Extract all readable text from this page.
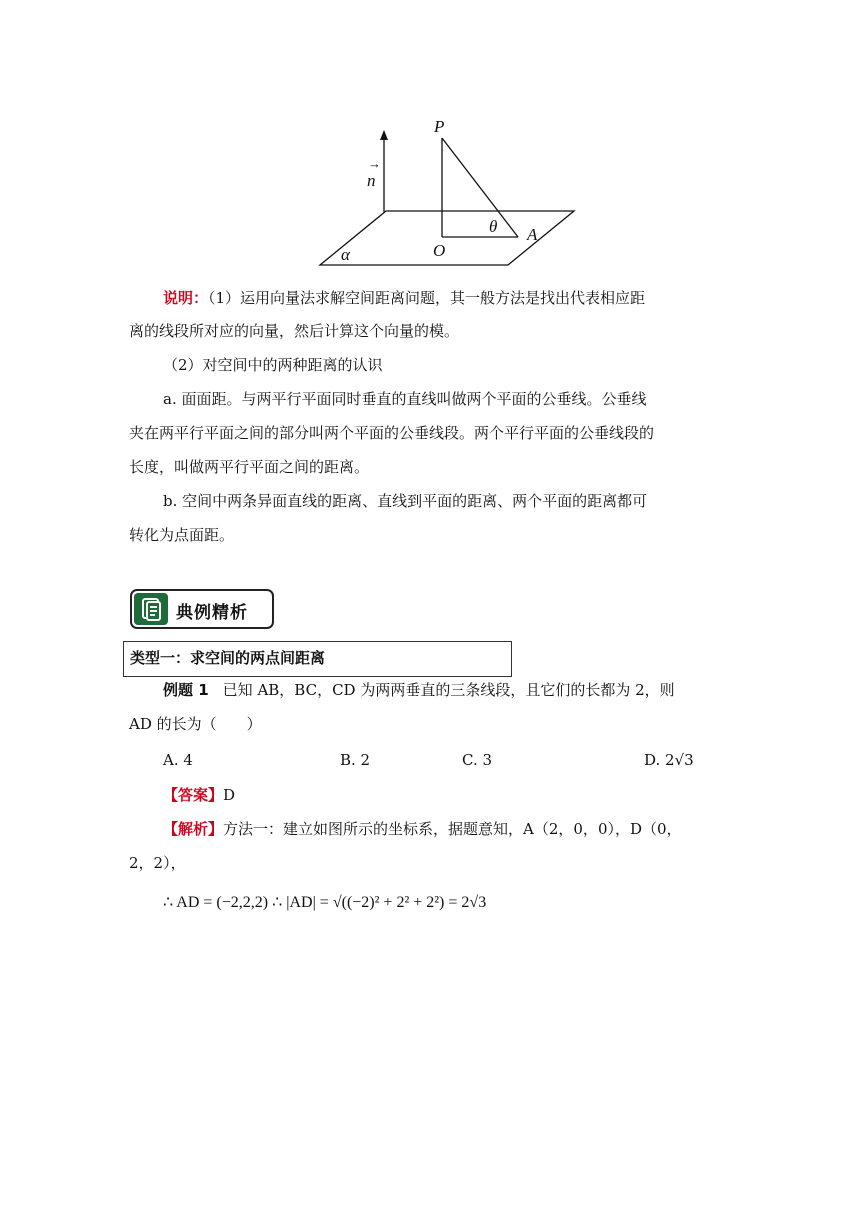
P
→
n
θ A
O
α
说明：（1）运用向量法求解空间距离问题，其一般方法是找出代表相应距
离的线段所对应的向量，然后计算这个向量的模。
（2）对空间中的两种距离的认识
a. 面面距。与两平行平面同时垂直的直线叫做两个平面的公垂线。公垂线
夹在两平行平面之间的部分叫两个平面的公垂线段。两个平行平面的公垂线段的
长度，叫做两平行平面之间的距离。
b. 空间中两条异面直线的距离、直线到平面的距离、两个平面的距离都可
转化为点面距。
典例精析
类型一：求空间的两点间距离
例题 1 已知 AB，BC，CD 为两两垂直的三条线段，且它们的长都为 2，则
AD 的长为（　　）
A. 4	B. 2	C. 3	D. 2√3
【答案】D
【解析】方法一：建立如图所示的坐标系，据题意知，A（2，0，0），D（0，
2，2），
∴ AD = (−2,2,2) ∴ |AD| = √((−2)² + 2² + 2²) = 2√3
